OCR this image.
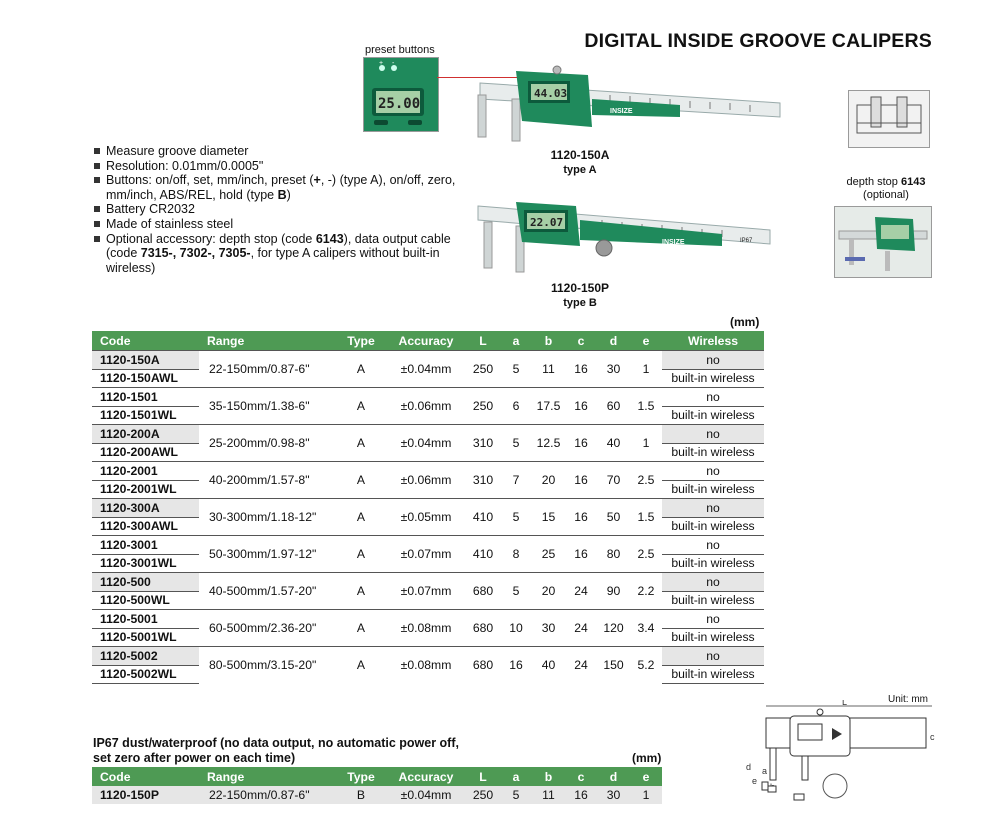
DIGITAL INSIDE GROOVE CALIPERS
preset buttons
+ -
25.00
44.03
INSIZE
1120-150A
type A
22.07
INSIZE	IP67
1120-150P
type B
depth stop 6143
(optional)
Measure groove diameter
Resolution: 0.01mm/0.0005"
Buttons: on/off, set, mm/inch, preset (+, -) (type A), on/off, zero, mm/inch, ABS/REL, hold (type B)
Battery CR2032
Made of stainless steel
Optional accessory: depth stop (code 6143), data output cable (code 7315-, 7302-, 7305-, for type A calipers without built-in wireless)
(mm)
Code	Range	Type	Accuracy	L	a	b	c	d	e	Wireless
1120-150A	22-150mm/0.87-6"	A	±0.04mm	250	5	11	16	30	1	no
1120-150AWL										built-in wireless
1120-1501	35-150mm/1.38-6"	A	±0.06mm	250	6	17.5	16	60	1.5	no
1120-1501WL										built-in wireless
1120-200A	25-200mm/0.98-8"	A	±0.04mm	310	5	12.5	16	40	1	no
1120-200AWL										built-in wireless
1120-2001	40-200mm/1.57-8"	A	±0.06mm	310	7	20	16	70	2.5	no
1120-2001WL										built-in wireless
1120-300A	30-300mm/1.18-12"	A	±0.05mm	410	5	15	16	50	1.5	no
1120-300AWL										built-in wireless
1120-3001	50-300mm/1.97-12"	A	±0.07mm	410	8	25	16	80	2.5	no
1120-3001WL										built-in wireless
1120-500	40-500mm/1.57-20"	A	±0.07mm	680	5	20	24	90	2.2	no
1120-500WL										built-in wireless
1120-5001	60-500mm/2.36-20"	A	±0.08mm	680	10	30	24	120	3.4	no
1120-5001WL										built-in wireless
1120-5002	80-500mm/3.15-20"	A	±0.08mm	680	16	40	24	150	5.2	no
1120-5002WL										built-in wireless
IP67 dust/waterproof (no data output, no automatic power off,
set zero after power on each time)	(mm)
Code	Range	Type	Accuracy	L	a	b	c	d	e
1120-150P	22-150mm/0.87-6"	B	±0.04mm	250	5	11	16	30	1
Unit: mm
L
c
d
e
a
